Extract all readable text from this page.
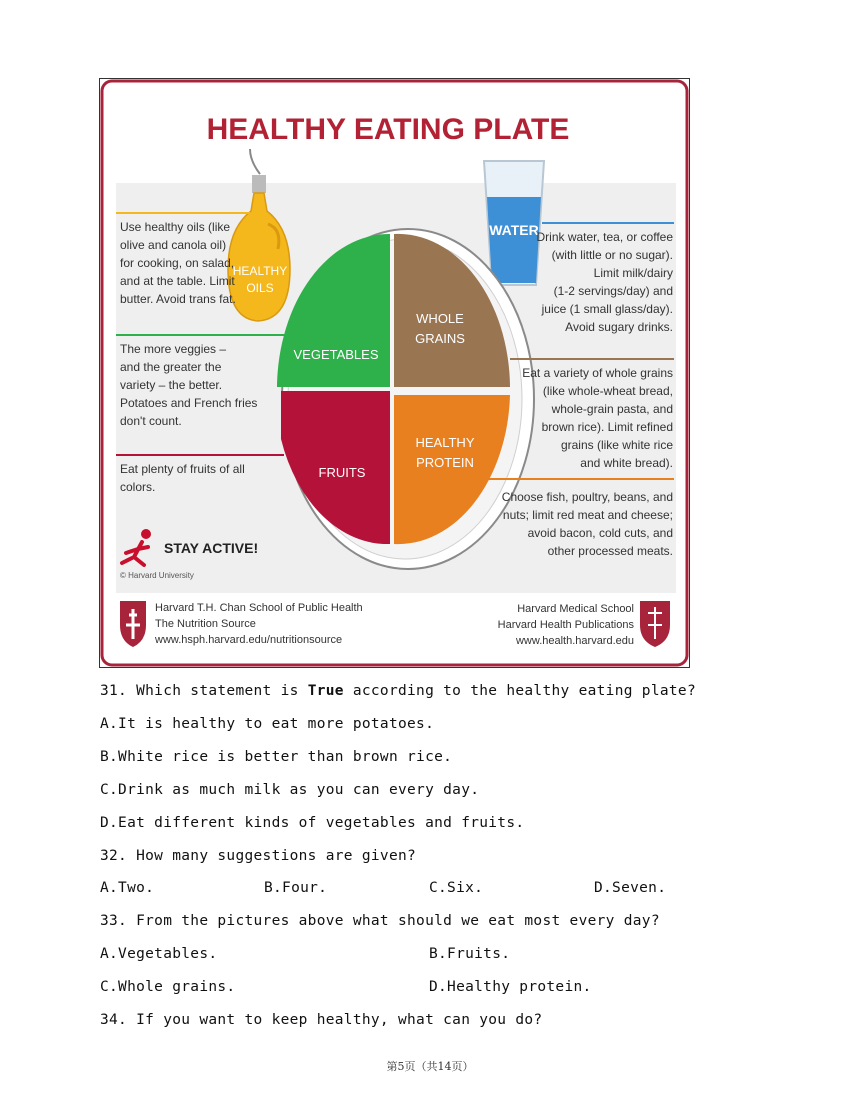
HEALTHY EATING PLATE
HEALTHY
OILS
WATER
VEGETABLES
WHOLE
GRAINS
FRUITS
HEALTHY
PROTEIN
Use healthy oils (like
olive and canola oil)
for cooking, on salad,
and at the table. Limit
butter. Avoid trans fat.
The more veggies –
and the greater the
variety – the better.
Potatoes and French fries
don't count.
Eat plenty of fruits of all
colors.
Drink water, tea, or coffee
(with little or no sugar).
Limit milk/dairy
(1-2 servings/day) and
juice (1 small glass/day).
Avoid sugary drinks.
Eat a variety of whole grains
(like whole-wheat bread,
whole-grain pasta, and
brown rice). Limit refined
grains (like white rice
and white bread).
Choose fish, poultry, beans, and
nuts; limit red meat and cheese;
avoid bacon, cold cuts, and
other processed meats.
STAY ACTIVE!
© Harvard University
Harvard T.H. Chan School of Public Health
The Nutrition Source
www.hsph.harvard.edu/nutritionsource
Harvard Medical School
Harvard Health Publications
www.health.harvard.edu
31. Which statement is True according to the healthy eating plate?
A.It is healthy to eat more potatoes.
B.White rice is better than brown rice.
C.Drink as much milk as you can every day.
D.Eat different kinds of vegetables and fruits.
32. How many suggestions are given?
A.Two.	B.Four.	C.Six.	D.Seven.
33. From the pictures above what should we eat most every day?
A.Vegetables.	B.Fruits.
C.Whole grains.	D.Healthy protein.
34. If you want to keep healthy, what can you do?
第5页（共14页）
